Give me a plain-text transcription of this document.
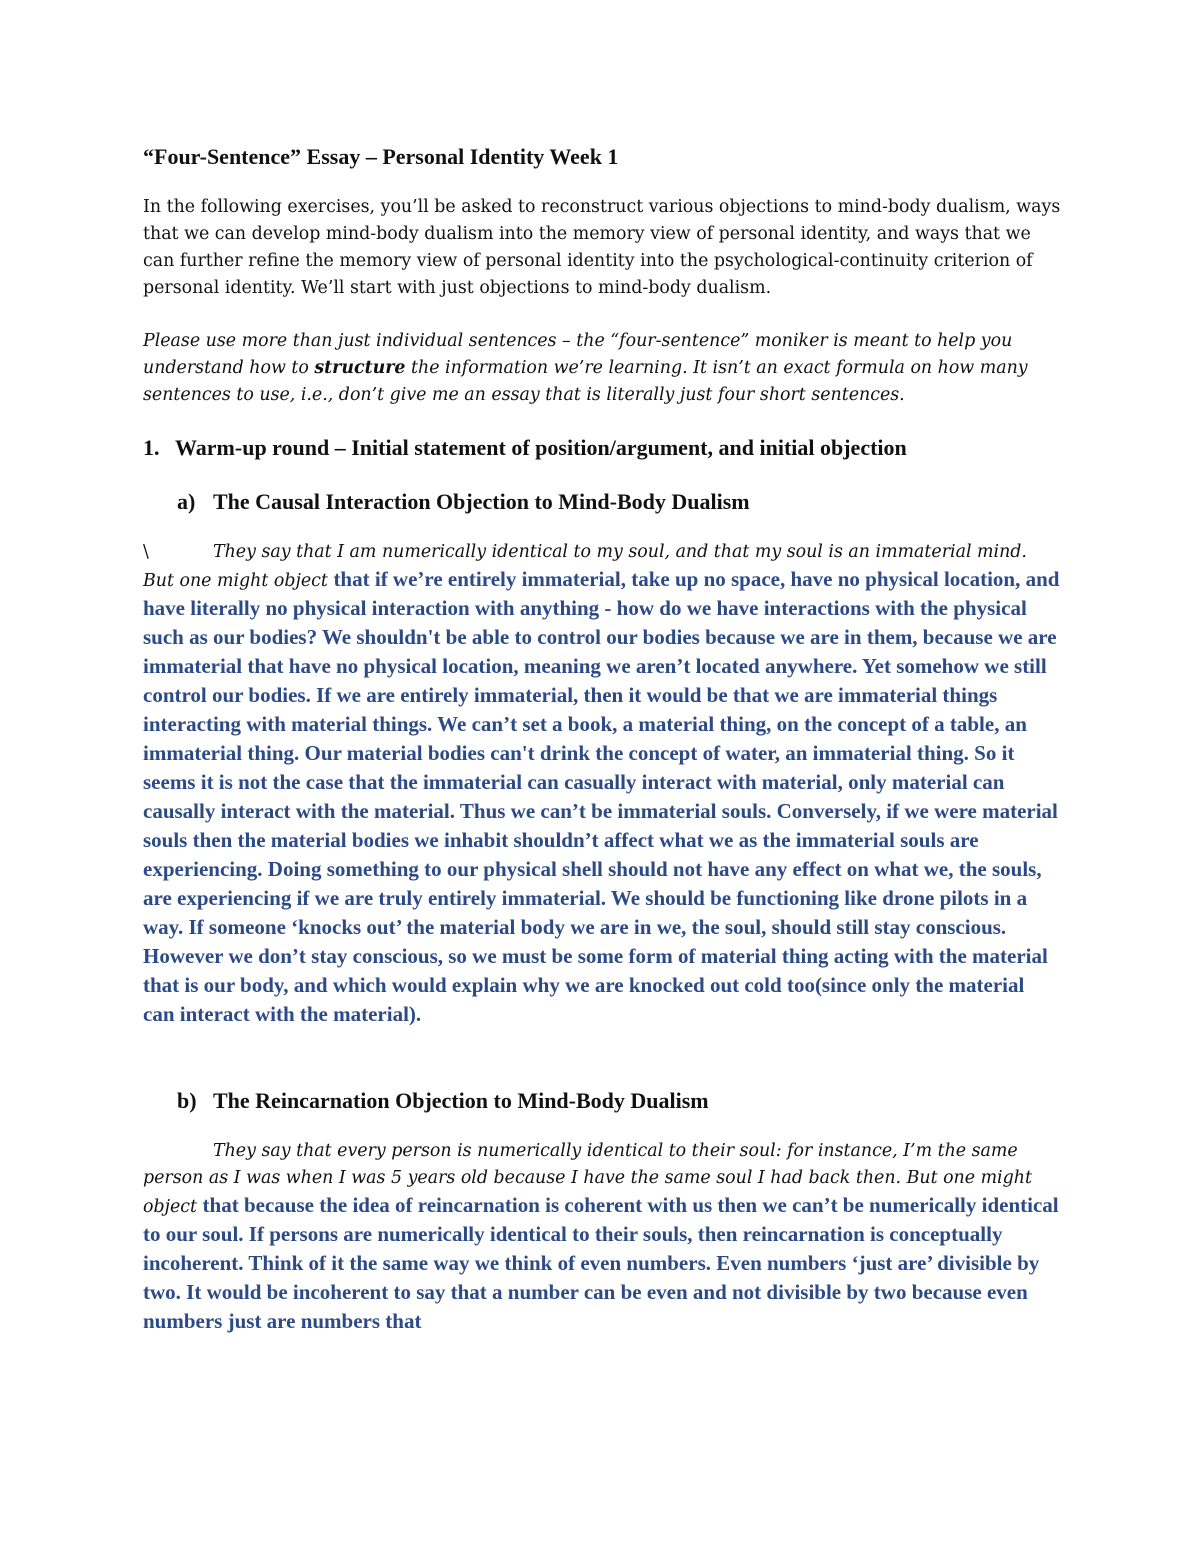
“Four-Sentence” Essay – Personal Identity Week 1

In the following exercises, you’ll be asked to reconstruct various objections to mind-body dualism, ways that we can develop mind-body dualism into the memory view of personal identity, and ways that we can further refine the memory view of personal identity into the psychological-continuity criterion of personal identity. We’ll start with just objections to mind-body dualism.

Please use more than just individual sentences – the “four-sentence” moniker is meant to help you understand how to structure the information we’re learning. It isn’t an exact formula on how many sentences to use, i.e., don’t give me an essay that is literally just four short sentences.

1. Warm-up round – Initial statement of position/argument, and initial objection

a) The Causal Interaction Objection to Mind-Body Dualism

\	They say that I am numerically identical to my soul, and that my soul is an immaterial mind. But one might object that if we’re entirely immaterial, take up no space, have no physical location, and have literally no physical interaction with anything - how do we have interactions with the physical such as our bodies? We shouldn't be able to control our bodies because we are in them, because we are immaterial that have no physical location, meaning we aren’t located anywhere. Yet somehow we still control our bodies. If we are entirely immaterial, then it would be that we are immaterial things interacting with material things. We can’t set a book, a material thing, on the concept of a table, an immaterial thing. Our material bodies can't drink the concept of water, an immaterial thing. So it seems it is not the case that the immaterial can casually interact with material, only material can causally interact with the material. Thus we can’t be immaterial souls. Conversely, if we were material souls then the material bodies we inhabit shouldn’t affect what we as the immaterial souls are experiencing. Doing something to our physical shell should not have any effect on what we, the souls, are experiencing if we are truly entirely immaterial. We should be functioning like drone pilots in a way. If someone ‘knocks out’ the material body we are in we, the soul, should still stay conscious. However we don’t stay conscious, so we must be some form of material thing acting with the material that is our body, and which would explain why we are knocked out cold too(since only the material can interact with the material).

b) The Reincarnation Objection to Mind-Body Dualism

They say that every person is numerically identical to their soul: for instance, I’m the same person as I was when I was 5 years old because I have the same soul I had back then. But one might object that because the idea of reincarnation is coherent with us then we can’t be numerically identical to our soul. If persons are numerically identical to their souls, then reincarnation is conceptually incoherent. Think of it the same way we think of even numbers. Even numbers ‘just are’ divisible by two. It would be incoherent to say that a number can be even and not divisible by two because even numbers just are numbers that
